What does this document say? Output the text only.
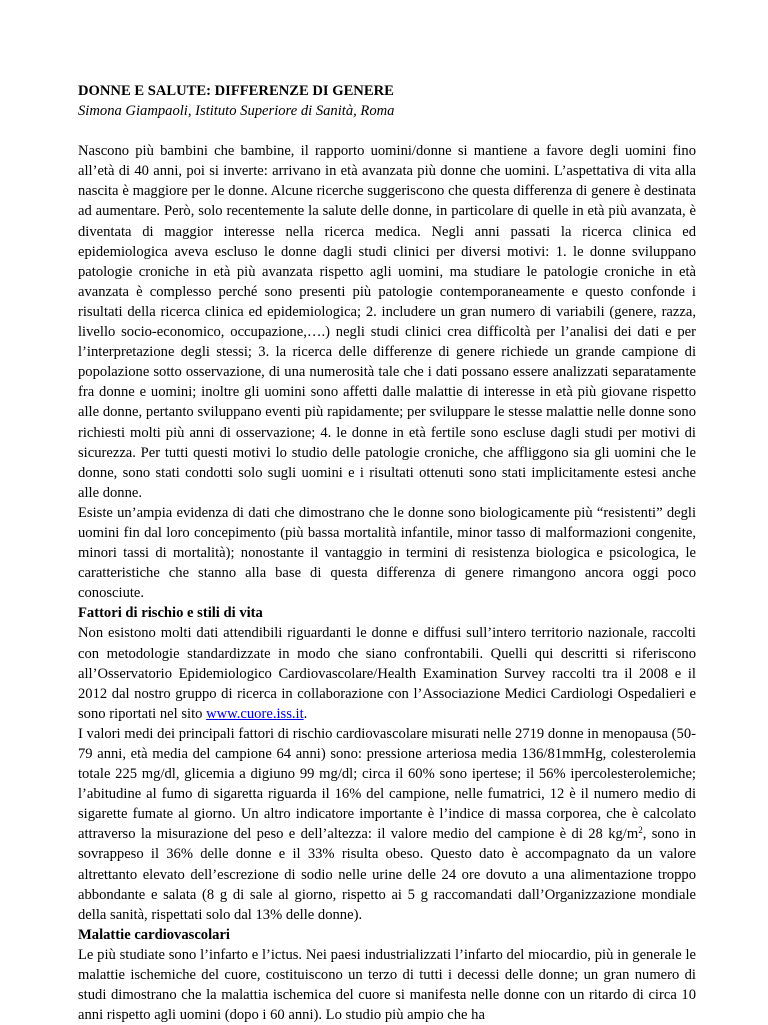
DONNE E SALUTE: DIFFERENZE DI GENERE
Simona Giampaoli, Istituto Superiore di Sanità, Roma

Nascono più bambini che bambine, il rapporto uomini/donne si mantiene a favore degli uomini fino all’età di 40 anni, poi si inverte: arrivano in età avanzata più donne che uomini. L’aspettativa di vita alla nascita è maggiore per le donne. Alcune ricerche suggeriscono che questa differenza di genere è destinata ad aumentare. Però, solo recentemente la salute delle donne, in particolare di quelle in età più avanzata, è diventata di maggior interesse nella ricerca medica. Negli anni passati la ricerca clinica ed epidemiologica aveva escluso le donne dagli studi clinici per diversi motivi: 1. le donne sviluppano patologie croniche in età più avanzata rispetto agli uomini, ma studiare le patologie croniche in età avanzata è complesso perché sono presenti più patologie contemporaneamente e questo confonde i risultati della ricerca clinica ed epidemiologica; 2. includere un gran numero di variabili (genere, razza, livello socio-economico, occupazione,….) negli studi clinici crea difficoltà per l’analisi dei dati e per l’interpretazione degli stessi; 3. la ricerca delle differenze di genere richiede un grande campione di popolazione sotto osservazione, di una numerosità tale che i dati possano essere analizzati separatamente fra donne e uomini; inoltre gli uomini sono affetti dalle malattie di interesse in età più giovane rispetto alle donne, pertanto sviluppano eventi più rapidamente; per sviluppare le stesse malattie nelle donne sono richiesti molti più anni di osservazione; 4. le donne in età fertile sono escluse dagli studi per motivi di sicurezza. Per tutti questi motivi lo studio delle patologie croniche, che affliggono sia gli uomini che le donne, sono stati condotti solo sugli uomini e i risultati ottenuti sono stati implicitamente estesi anche alle donne.

Esiste un’ampia evidenza di dati che dimostrano che le donne sono biologicamente più “resistenti” degli uomini fin dal loro concepimento (più bassa mortalità infantile, minor tasso di malformazioni congenite, minori tassi di mortalità); nonostante il vantaggio in termini di resistenza biologica e psicologica, le caratteristiche che stanno alla base di questa differenza di genere rimangono ancora oggi poco conosciute.

Fattori di rischio e stili di vita

Non esistono molti dati attendibili riguardanti le donne e diffusi sull’intero territorio nazionale, raccolti con metodologie standardizzate in modo che siano confrontabili. Quelli qui descritti si riferiscono all’Osservatorio Epidemiologico Cardiovascolare/Health Examination Survey raccolti tra il 2008 e il 2012 dal nostro gruppo di ricerca in collaborazione con l’Associazione Medici Cardiologi Ospedalieri e sono riportati nel sito www.cuore.iss.it.

I valori medi dei principali fattori di rischio cardiovascolare misurati nelle 2719 donne in menopausa (50-79 anni, età media del campione 64 anni) sono: pressione arteriosa media 136/81mmHg, colesterolemia totale 225 mg/dl, glicemia a digiuno 99 mg/dl; circa il 60% sono ipertese; il 56% ipercolesterolemiche; l’abitudine al fumo di sigaretta riguarda il 16% del campione, nelle fumatrici, 12 è il numero medio di sigarette fumate al giorno. Un altro indicatore importante è l’indice di massa corporea, che è calcolato attraverso la misurazione del peso e dell’altezza: il valore medio del campione è di 28 $kg/m^2$, sono in sovrappeso il 36% delle donne e il 33% risulta obeso. Questo dato è accompagnato da un valore altrettanto elevato dell’escrezione di sodio nelle urine delle 24 ore dovuto a una alimentazione troppo abbondante e salata (8 g di sale al giorno, rispetto ai 5 g raccomandati dall’Organizzazione mondiale della sanità, rispettati solo dal 13% delle donne).

Malattie cardiovascolari

Le più studiate sono l’infarto e l’ictus. Nei paesi industrializzati l’infarto del miocardio, più in generale le malattie ischemiche del cuore, costituiscono un terzo di tutti i decessi delle donne; un gran numero di studi dimostrano che la malattia ischemica del cuore si manifesta nelle donne con un ritardo di circa 10 anni rispetto agli uomini (dopo i 60 anni). Lo studio più ampio che ha
